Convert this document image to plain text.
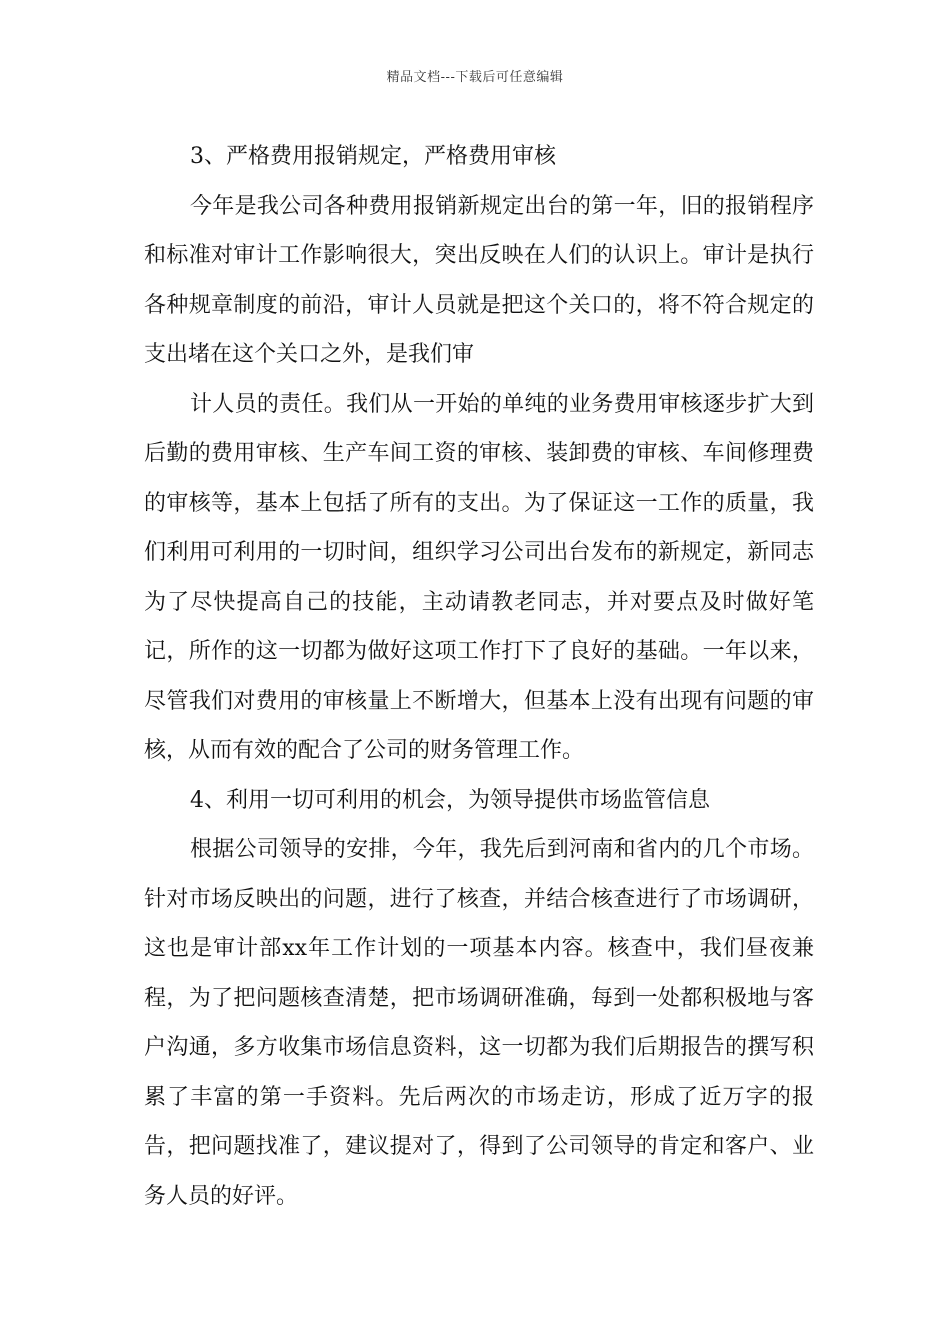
精品文档---下载后可任意编辑

3、严格费用报销规定，严格费用审核

今年是我公司各种费用报销新规定出台的第一年，旧的报销程序和标准对审计工作影响很大，突出反映在人们的认识上。审计是执行各种规章制度的前沿，审计人员就是把这个关口的，将不符合规定的支出堵在这个关口之外，是我们审

计人员的责任。我们从一开始的单纯的业务费用审核逐步扩大到后勤的费用审核、生产车间工资的审核、装卸费的审核、车间修理费的审核等，基本上包括了所有的支出。为了保证这一工作的质量，我们利用可利用的一切时间，组织学习公司出台发布的新规定，新同志为了尽快提高自己的技能，主动请教老同志，并对要点及时做好笔记，所作的这一切都为做好这项工作打下了良好的基础。一年以来，尽管我们对费用的审核量上不断增大，但基本上没有出现有问题的审核，从而有效的配合了公司的财务管理工作。

4、利用一切可利用的机会，为领导提供市场监管信息

根据公司领导的安排，今年，我先后到河南和省内的几个市场。针对市场反映出的问题，进行了核查，并结合核查进行了市场调研，这也是审计部xx年工作计划的一项基本内容。核查中，我们昼夜兼程，为了把问题核查清楚，把市场调研准确，每到一处都积极地与客户沟通，多方收集市场信息资料，这一切都为我们后期报告的撰写积累了丰富的第一手资料。先后两次的市场走访，形成了近万字的报告，把问题找准了，建议提对了，得到了公司领导的肯定和客户、业务人员的好评。
